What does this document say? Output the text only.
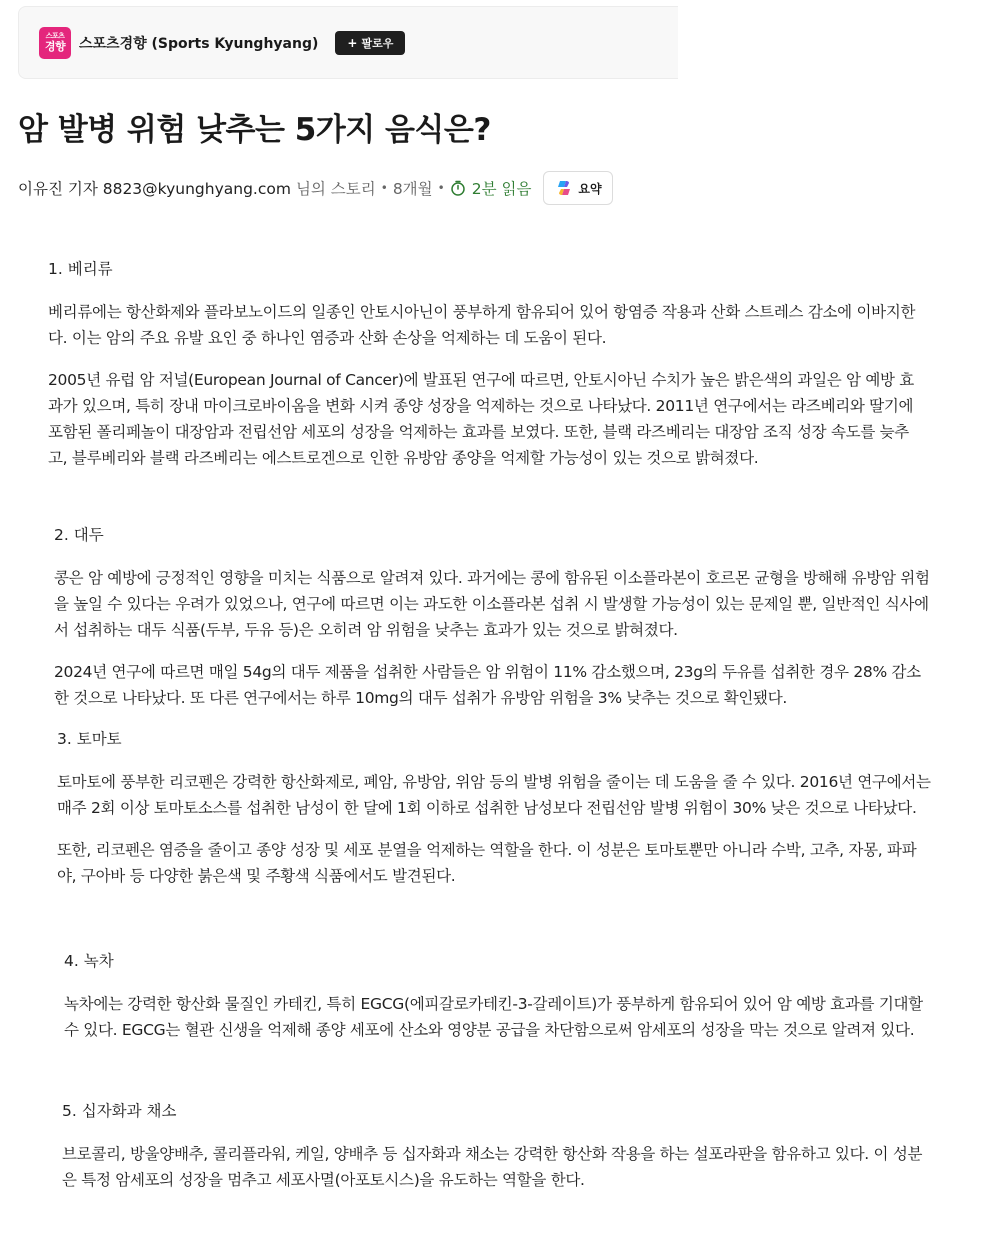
스포츠
경향 스포츠경향 (Sports Kyunghyang) + 팔로우
암 발병 위험 낮추는 5가지 음식은?
이유진 기자 8823@kyunghyang.com 님의 스토리 • 8개월 • 2분 읽음	요약

1. 베리류

베리류에는 항산화제와 플라보노이드의 일종인 안토시아닌이 풍부하게 함유되어 있어 항염증 작용과 산화 스트레스 감소에 이바지한다. 이는 암의 주요 유발 요인 중 하나인 염증과 산화 손상을 억제하는 데 도움이 된다.

2005년 유럽 암 저널(European Journal of Cancer)에 발표된 연구에 따르면, 안토시아닌 수치가 높은 밝은색의 과일은 암 예방 효과가 있으며, 특히 장내 마이크로바이옴을 변화 시켜 종양 성장을 억제하는 것으로 나타났다. 2011년 연구에서는 라즈베리와 딸기에 포함된 폴리페놀이 대장암과 전립선암 세포의 성장을 억제하는 효과를 보였다. 또한, 블랙 라즈베리는 대장암 조직 성장 속도를 늦추고, 블루베리와 블랙 라즈베리는 에스트로겐으로 인한 유방암 종양을 억제할 가능성이 있는 것으로 밝혀졌다.

2. 대두

콩은 암 예방에 긍정적인 영향을 미치는 식품으로 알려져 있다. 과거에는 콩에 함유된 이소플라본이 호르몬 균형을 방해해 유방암 위험을 높일 수 있다는 우려가 있었으나, 연구에 따르면 이는 과도한 이소플라본 섭취 시 발생할 가능성이 있는 문제일 뿐, 일반적인 식사에서 섭취하는 대두 식품(두부, 두유 등)은 오히려 암 위험을 낮추는 효과가 있는 것으로 밝혀졌다.

2024년 연구에 따르면 매일 54g의 대두 제품을 섭취한 사람들은 암 위험이 11% 감소했으며, 23g의 두유를 섭취한 경우 28% 감소한 것으로 나타났다. 또 다른 연구에서는 하루 10mg의 대두 섭취가 유방암 위험을 3% 낮추는 것으로 확인됐다.

3. 토마토

토마토에 풍부한 리코펜은 강력한 항산화제로, 폐암, 유방암, 위암 등의 발병 위험을 줄이는 데 도움을 줄 수 있다. 2016년 연구에서는 매주 2회 이상 토마토소스를 섭취한 남성이 한 달에 1회 이하로 섭취한 남성보다 전립선암 발병 위험이 30% 낮은 것으로 나타났다.

또한, 리코펜은 염증을 줄이고 종양 성장 및 세포 분열을 억제하는 역할을 한다. 이 성분은 토마토뿐만 아니라 수박, 고추, 자몽, 파파야, 구아바 등 다양한 붉은색 및 주황색 식품에서도 발견된다.

4. 녹차

녹차에는 강력한 항산화 물질인 카테킨, 특히 EGCG(에피갈로카테킨-3-갈레이트)가 풍부하게 함유되어 있어 암 예방 효과를 기대할 수 있다. EGCG는 혈관 신생을 억제해 종양 세포에 산소와 영양분 공급을 차단함으로써 암세포의 성장을 막는 것으로 알려져 있다.

5. 십자화과 채소

브로콜리, 방울양배추, 콜리플라워, 케일, 양배추 등 십자화과 채소는 강력한 항산화 작용을 하는 설포라판을 함유하고 있다. 이 성분은 특정 암세포의 성장을 멈추고 세포사멸(아포토시스)을 유도하는 역할을 한다.
